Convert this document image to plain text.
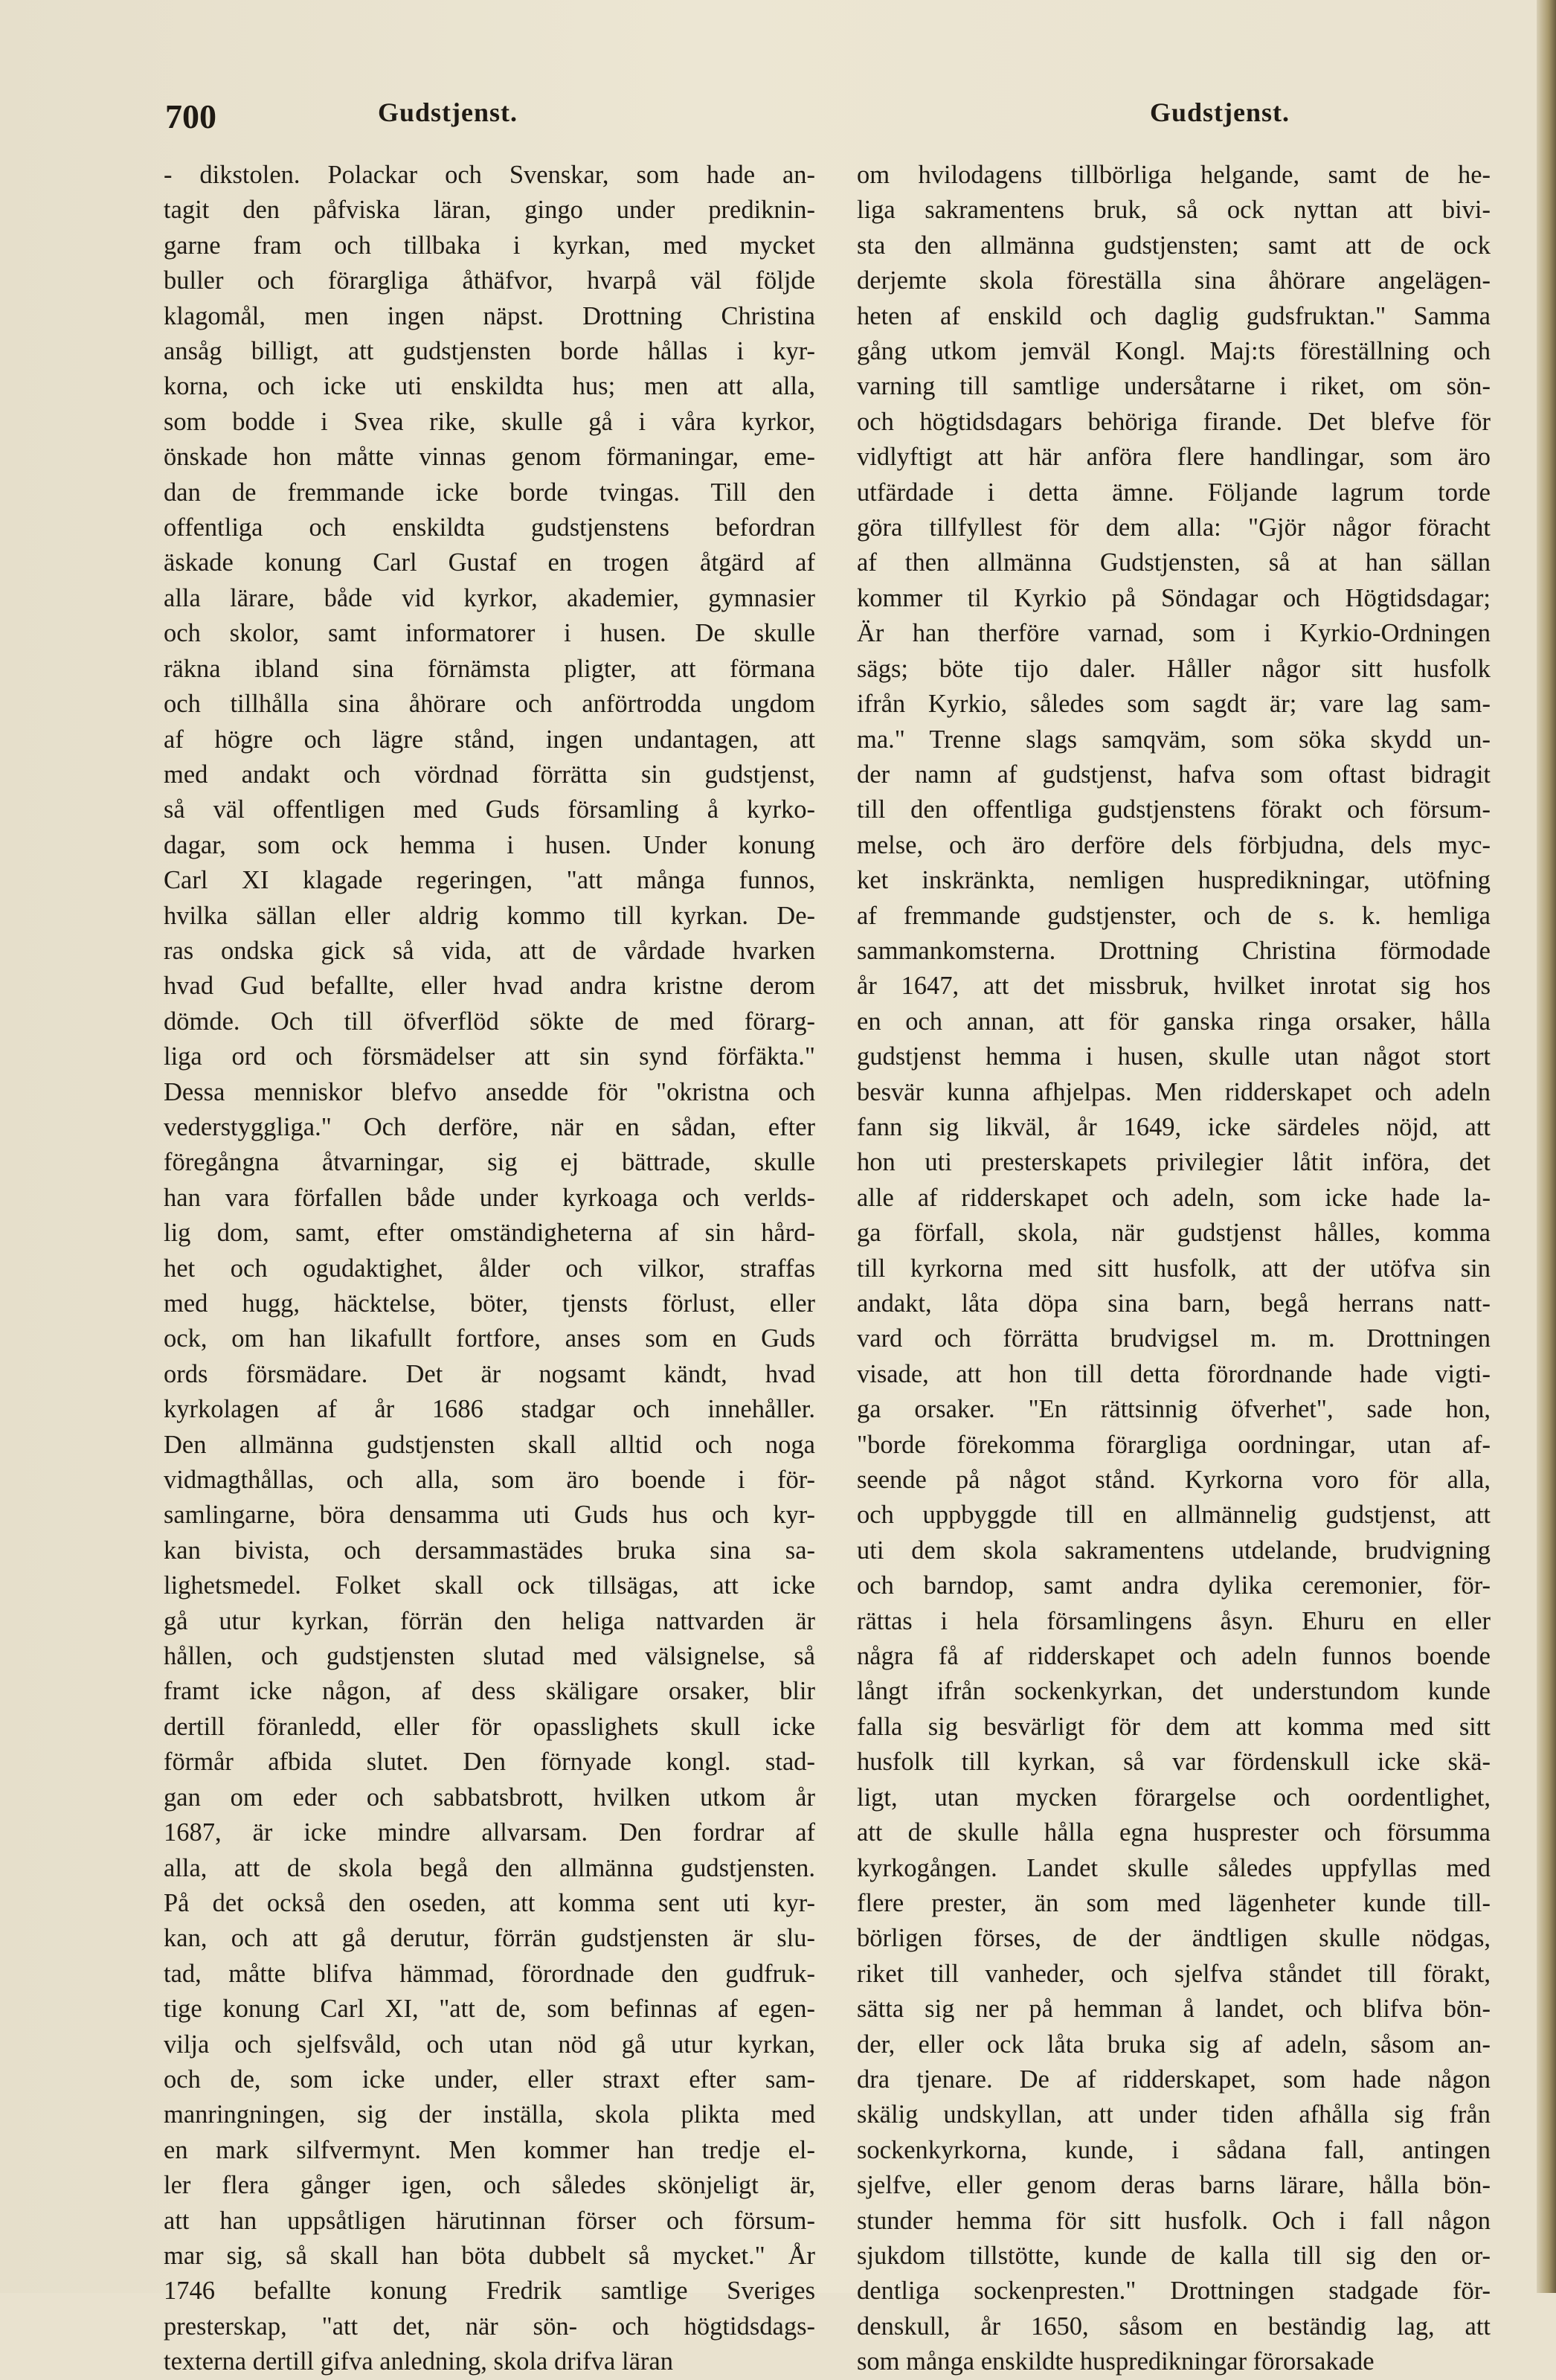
700	Gudstjenst.	Gudstjenst.
- dikstolen. Polackar och Svenskar, som hade an-
tagit den påfviska läran, gingo under prediknin-
garne fram och tillbaka i kyrkan, med mycket
buller och förargliga åthäfvor, hvarpå väl följde
klagomål, men ingen näpst. Drottning Christina
ansåg billigt, att gudstjensten borde hållas i kyr-
korna, och icke uti enskildta hus; men att alla,
som bodde i Svea rike, skulle gå i våra kyrkor,
önskade hon måtte vinnas genom förmaningar, eme-
dan de fremmande icke borde tvingas. Till den
offentliga och enskildta gudstjenstens befordran
äskade konung Carl Gustaf en trogen åtgärd af
alla lärare, både vid kyrkor, akademier, gymnasier
och skolor, samt informatorer i husen. De skulle
räkna ibland sina förnämsta pligter, att förmana
och tillhålla sina åhörare och anförtrodda ungdom
af högre och lägre stånd, ingen undantagen, att
med andakt och vördnad förrätta sin gudstjenst,
så väl offentligen med Guds församling å kyrko-
dagar, som ock hemma i husen. Under konung
Carl XI klagade regeringen, "att många funnos,
hvilka sällan eller aldrig kommo till kyrkan. De-
ras ondska gick så vida, att de vårdade hvarken
hvad Gud befallte, eller hvad andra kristne derom
dömde. Och till öfverflöd sökte de med förarg-
liga ord och försmädelser att sin synd förfäkta."
Dessa menniskor blefvo ansedde för "okristna och
vederstyggliga." Och derföre, när en sådan, efter
föregångna åtvarningar, sig ej bättrade, skulle
han vara förfallen både under kyrkoaga och verlds-
lig dom, samt, efter omständigheterna af sin hård-
het och ogudaktighet, ålder och vilkor, straffas
med hugg, häcktelse, böter, tjensts förlust, eller
ock, om han likafullt fortfore, anses som en Guds
ords försmädare. Det är nogsamt kändt, hvad
kyrkolagen af år 1686 stadgar och innehåller.
Den allmänna gudstjensten skall alltid och noga
vidmagthållas, och alla, som äro boende i för-
samlingarne, böra densamma uti Guds hus och kyr-
kan bivista, och dersammastädes bruka sina sa-
lighetsmedel. Folket skall ock tillsägas, att icke
gå utur kyrkan, förrän den heliga nattvarden är
hållen, och gudstjensten slutad med välsignelse, så
framt icke någon, af dess skäligare orsaker, blir
dertill föranledd, eller för opasslighets skull icke
förmår afbida slutet. Den förnyade kongl. stad-
gan om eder och sabbatsbrott, hvilken utkom år
1687, är icke mindre allvarsam. Den fordrar af
alla, att de skola begå den allmänna gudstjensten.
På det också den oseden, att komma sent uti kyr-
kan, och att gå derutur, förrän gudstjensten är slu-
tad, måtte blifva hämmad, förordnade den gudfruk-
tige konung Carl XI, "att de, som befinnas af egen-
vilja och sjelfsvåld, och utan nöd gå utur kyrkan,
och de, som icke under, eller straxt efter sam-
manringningen, sig der inställa, skola plikta med
en mark silfvermynt. Men kommer han tredje el-
ler flera gånger igen, och således skönjeligt är,
att han uppsåtligen härutinnan förser och försum-
mar sig, så skall han böta dubbelt så mycket." År
1746 befallte konung Fredrik samtlige Sveriges
presterskap, "att det, när sön- och högtidsdags-
texterna dertill gifva anledning, skola drifva läran
om hvilodagens tillbörliga helgande, samt de he-
liga sakramentens bruk, så ock nyttan att bivi-
sta den allmänna gudstjensten; samt att de ock
derjemte skola föreställa sina åhörare angelägen-
heten af enskild och daglig gudsfruktan." Samma
gång utkom jemväl Kongl. Maj:ts föreställning och
varning till samtlige undersåtarne i riket, om sön-
och högtidsdagars behöriga firande. Det blefve för
vidlyftigt att här anföra flere handlingar, som äro
utfärdade i detta ämne. Följande lagrum torde
göra tillfyllest för dem alla: "Gjör någor föracht
af then allmänna Gudstjensten, så at han sällan
kommer til Kyrkio på Söndagar och Högtidsdagar;
Är han therföre varnad, som i Kyrkio-Ordningen
sägs; böte tijo daler. Håller någor sitt husfolk
ifrån Kyrkio, således som sagdt är; vare lag sam-
ma." Trenne slags samqväm, som söka skydd un-
der namn af gudstjenst, hafva som oftast bidragit
till den offentliga gudstjenstens förakt och försum-
melse, och äro derföre dels förbjudna, dels myc-
ket inskränkta, nemligen huspredikningar, utöfning
af fremmande gudstjenster, och de s. k. hemliga
sammankomsterna. Drottning Christina förmodade
år 1647, att det missbruk, hvilket inrotat sig hos
en och annan, att för ganska ringa orsaker, hålla
gudstjenst hemma i husen, skulle utan något stort
besvär kunna afhjelpas. Men ridderskapet och adeln
fann sig likväl, år 1649, icke särdeles nöjd, att
hon uti presterskapets privilegier låtit införa, det
alle af ridderskapet och adeln, som icke hade la-
ga förfall, skola, när gudstjenst hålles, komma
till kyrkorna med sitt husfolk, att der utöfva sin
andakt, låta döpa sina barn, begå herrans natt-
vard och förrätta brudvigsel m. m. Drottningen
visade, att hon till detta förordnande hade vigti-
ga orsaker. "En rättsinnig öfverhet", sade hon,
"borde förekomma förargliga oordningar, utan af-
seende på något stånd. Kyrkorna voro för alla,
och uppbyggde till en allmännelig gudstjenst, att
uti dem skola sakramentens utdelande, brudvigning
och barndop, samt andra dylika ceremonier, för-
rättas i hela församlingens åsyn. Ehuru en eller
några få af ridderskapet och adeln funnos boende
långt ifrån sockenkyrkan, det understundom kunde
falla sig besvärligt för dem att komma med sitt
husfolk till kyrkan, så var fördenskull icke skä-
ligt, utan mycken förargelse och oordentlighet,
att de skulle hålla egna husprester och försumma
kyrkogången. Landet skulle således uppfyllas med
flere prester, än som med lägenheter kunde till-
börligen förses, de der ändtligen skulle nödgas,
riket till vanheder, och sjelfva ståndet till förakt,
sätta sig ner på hemman å landet, och blifva bön-
der, eller ock låta bruka sig af adeln, såsom an-
dra tjenare. De af ridderskapet, som hade någon
skälig undskyllan, att under tiden afhålla sig från
sockenkyrkorna, kunde, i sådana fall, antingen
sjelfve, eller genom deras barns lärare, hålla bön-
stunder hemma för sitt husfolk. Och i fall någon
sjukdom tillstötte, kunde de kalla till sig den or-
dentliga sockenpresten." Drottningen stadgade för-
denskull, år 1650, såsom en beständig lag, att
som många enskildte huspredikningar förorsakade
